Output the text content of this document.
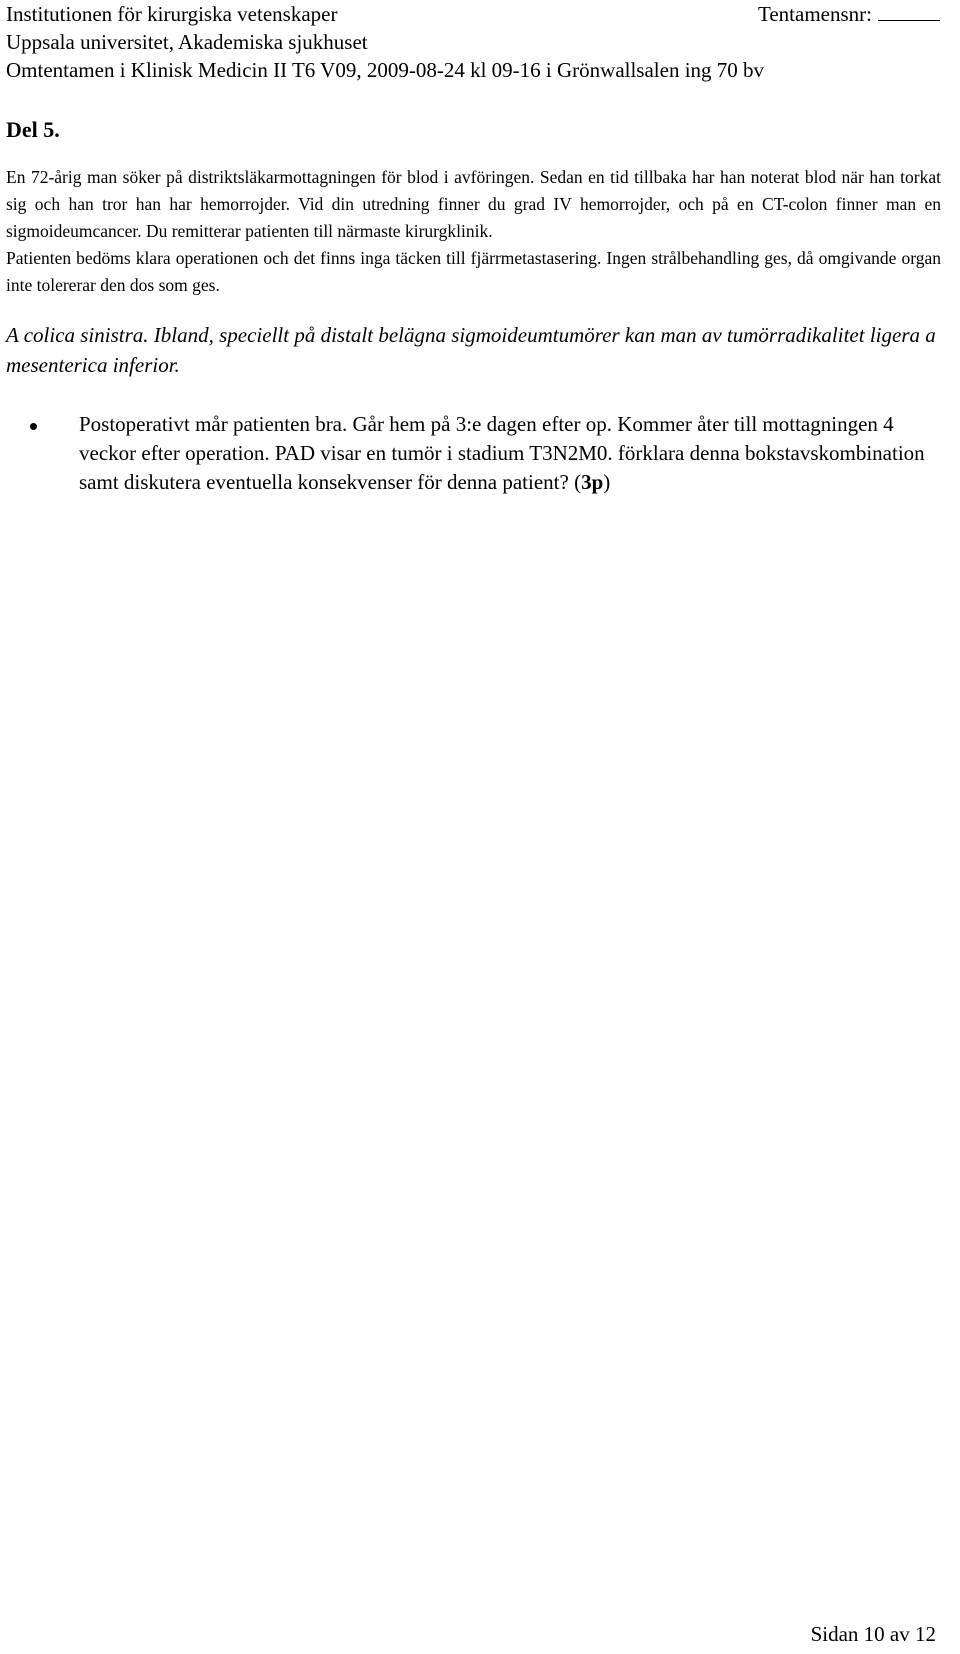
Institutionen för kirurgiska vetenskaper	Tentamensnr:
Uppsala universitet, Akademiska sjukhuset
Omtentamen i Klinisk Medicin II T6 V09, 2009-08-24 kl 09-16 i Grönwallsalen ing 70 bv
Del 5.

En 72-årig man söker på distriktsläkarmottagningen för blod i avföringen. Sedan en tid tillbaka har han noterat blod när han torkat sig och han tror han har hemorrojder. Vid din utredning finner du grad IV hemorrojder, och på en CT-colon finner man en sigmoideumcancer. Du remitterar patienten till närmaste kirurgklinik.

Patienten bedöms klara operationen och det finns inga täcken till fjärrmetastasering. Ingen strålbehandling ges, då omgivande organ inte tolererar den dos som ges.

A colica sinistra. Ibland, speciellt på distalt belägna sigmoideumtumörer kan man av tumörradikalitet ligera a mesenterica inferior.
Postoperativt mår patienten bra. Går hem på 3:e dagen efter op. Kommer åter till mottagningen 4 veckor efter operation. PAD visar en tumör i stadium T3N2M0. förklara denna bokstavskombination samt diskutera eventuella konsekvenser för denna patient? (3p)
Sidan 10 av 12
